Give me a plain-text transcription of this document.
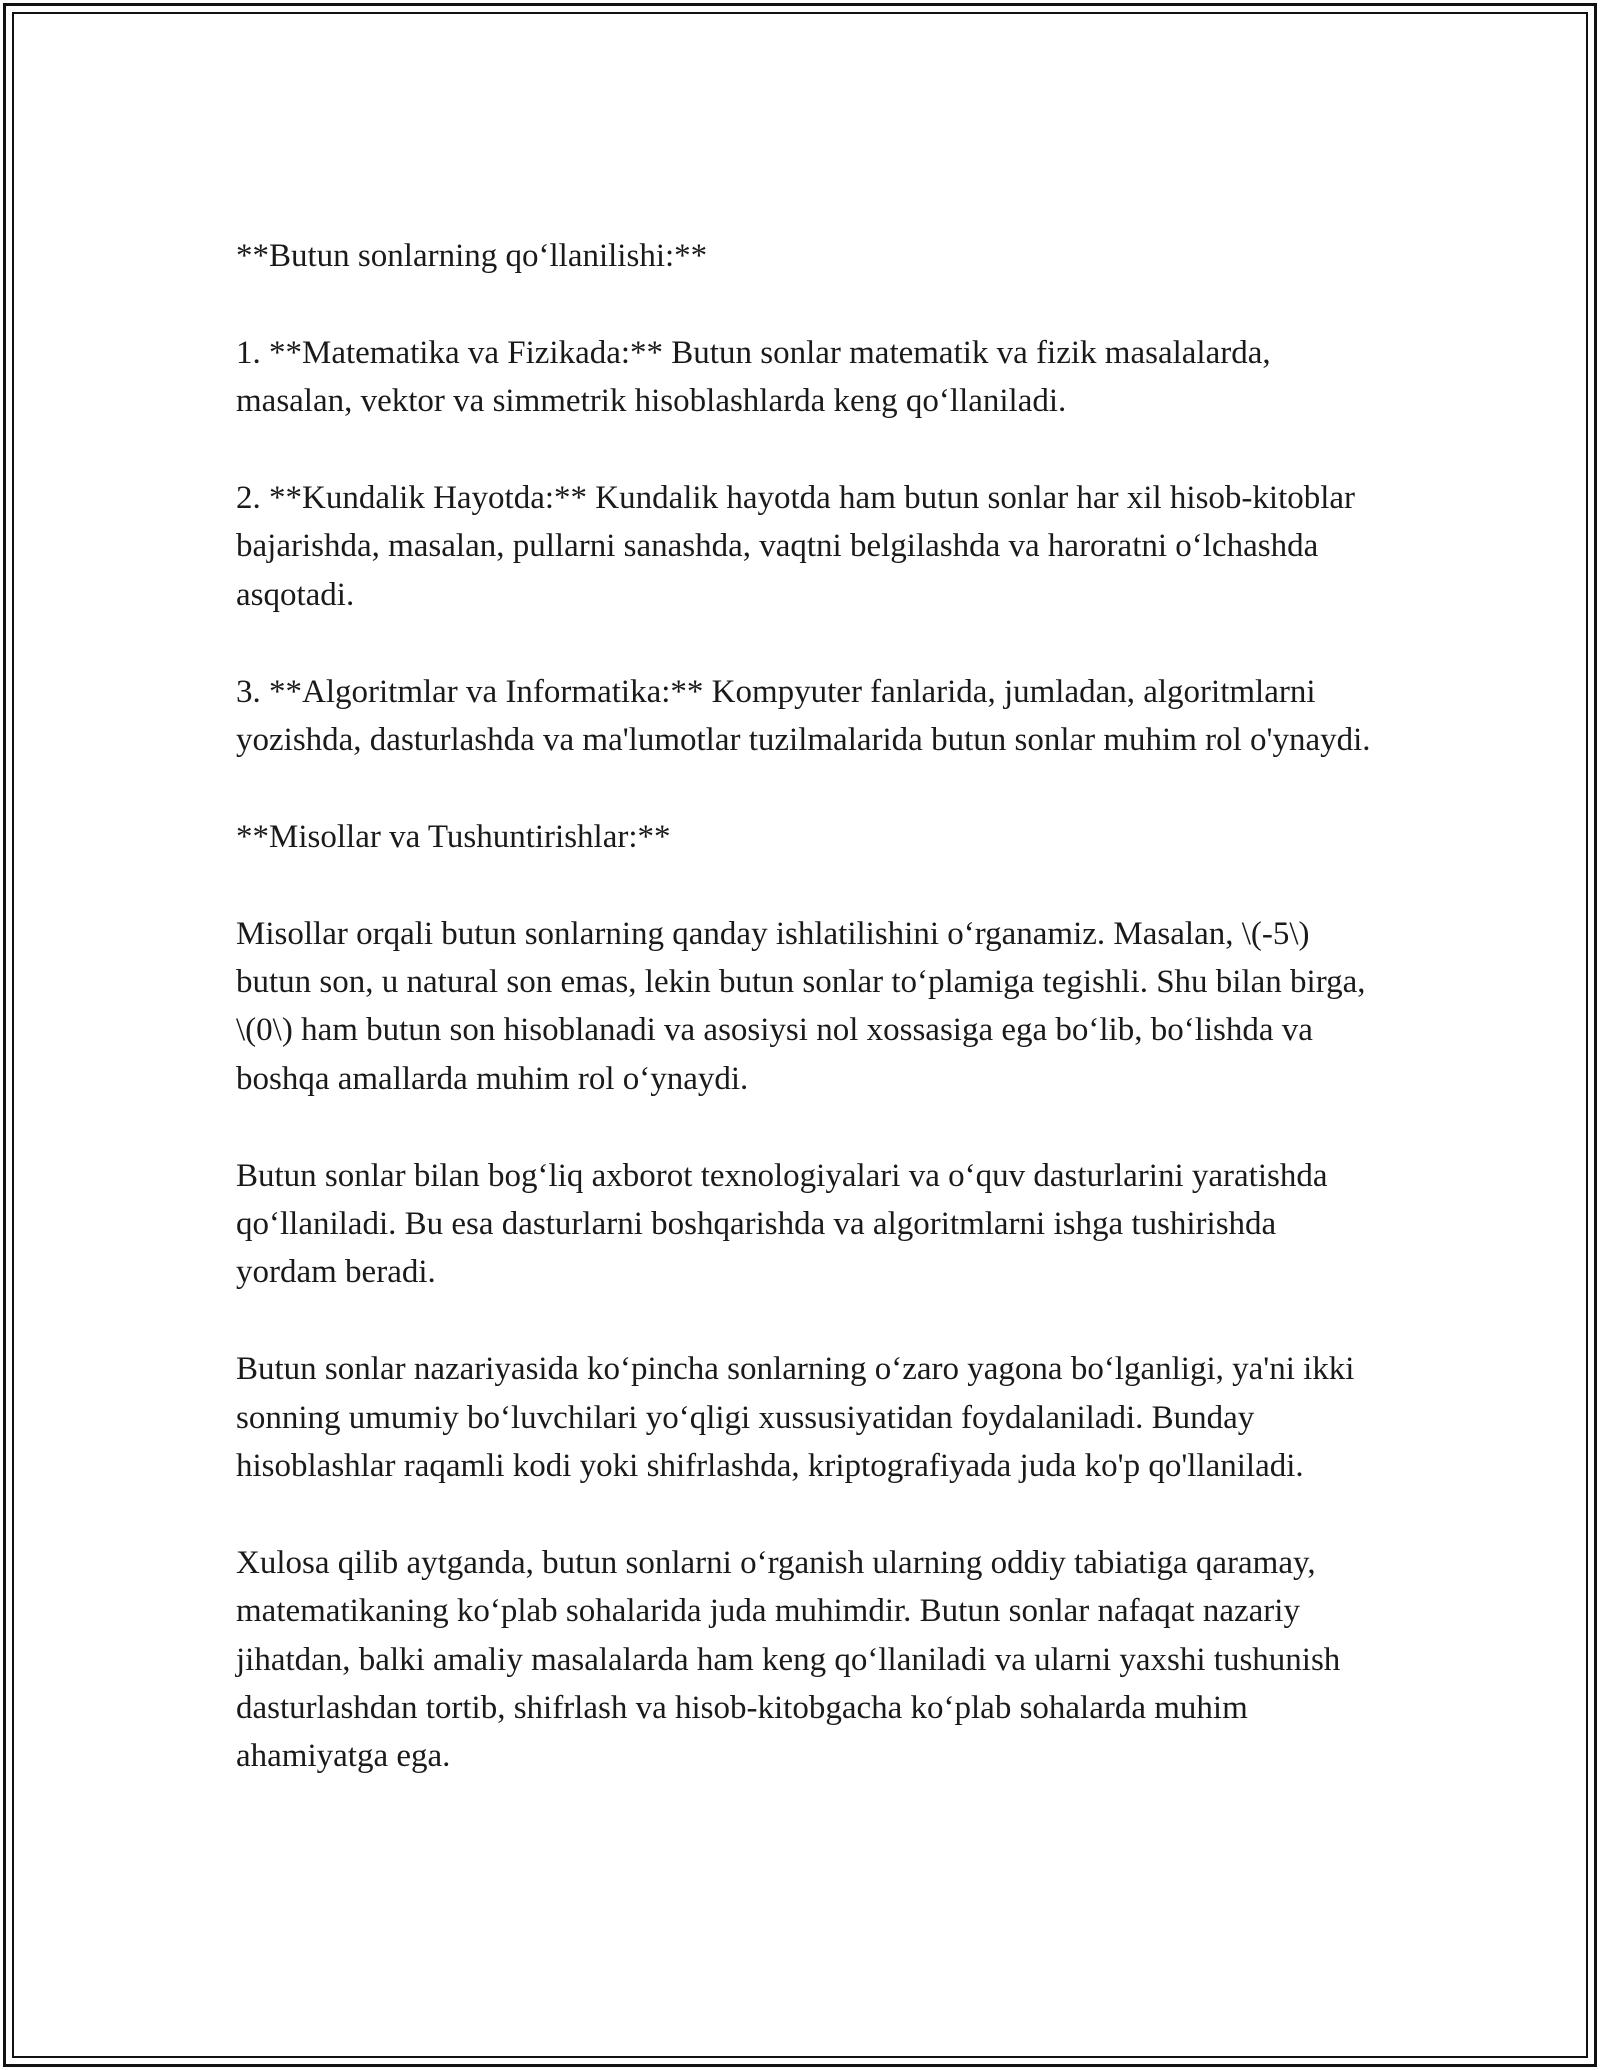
**Butun sonlarning qo‘llanilishi:**

1. **Matematika va Fizikada:** Butun sonlar matematik va fizik masalalarda, masalan, vektor va simmetrik hisoblashlarda keng qo‘llaniladi.

2. **Kundalik Hayotda:** Kundalik hayotda ham butun sonlar har xil hisob-kitoblar bajarishda, masalan, pullarni sanashda, vaqtni belgilashda va haroratni o‘lchashda asqotadi.

3. **Algoritmlar va Informatika:** Kompyuter fanlarida, jumladan, algoritmlarni yozishda, dasturlashda va ma'lumotlar tuzilmalarida butun sonlar muhim rol o'ynaydi.

**Misollar va Tushuntirishlar:**

Misollar orqali butun sonlarning qanday ishlatilishini o‘rganamiz. Masalan, \(-5\) butun son, u natural son emas, lekin butun sonlar to‘plamiga tegishli. Shu bilan birga, \(0\) ham butun son hisoblanadi va asosiysi nol xossasiga ega bo‘lib, bo‘lishda va boshqa amallarda muhim rol o‘ynaydi.

Butun sonlar bilan bog‘liq axborot texnologiyalari va o‘quv dasturlarini yaratishda qo‘llaniladi. Bu esa dasturlarni boshqarishda va algoritmlarni ishga tushirishda yordam beradi.

Butun sonlar nazariyasida ko‘pincha sonlarning o‘zaro yagona bo‘lganligi, ya'ni ikki sonning umumiy bo‘luvchilari yo‘qligi xussusiyatidan foydalaniladi. Bunday hisoblashlar raqamli kodi yoki shifrlashda, kriptografiyada juda ko'p qo'llaniladi.

Xulosa qilib aytganda, butun sonlarni o‘rganish ularning oddiy tabiatiga qaramay, matematikaning ko‘plab sohalarida juda muhimdir. Butun sonlar nafaqat nazariy jihatdan, balki amaliy masalalarda ham keng qo‘llaniladi va ularni yaxshi tushunish dasturlashdan tortib, shifrlash va hisob-kitobgacha ko‘plab sohalarda muhim ahamiyatga ega.
